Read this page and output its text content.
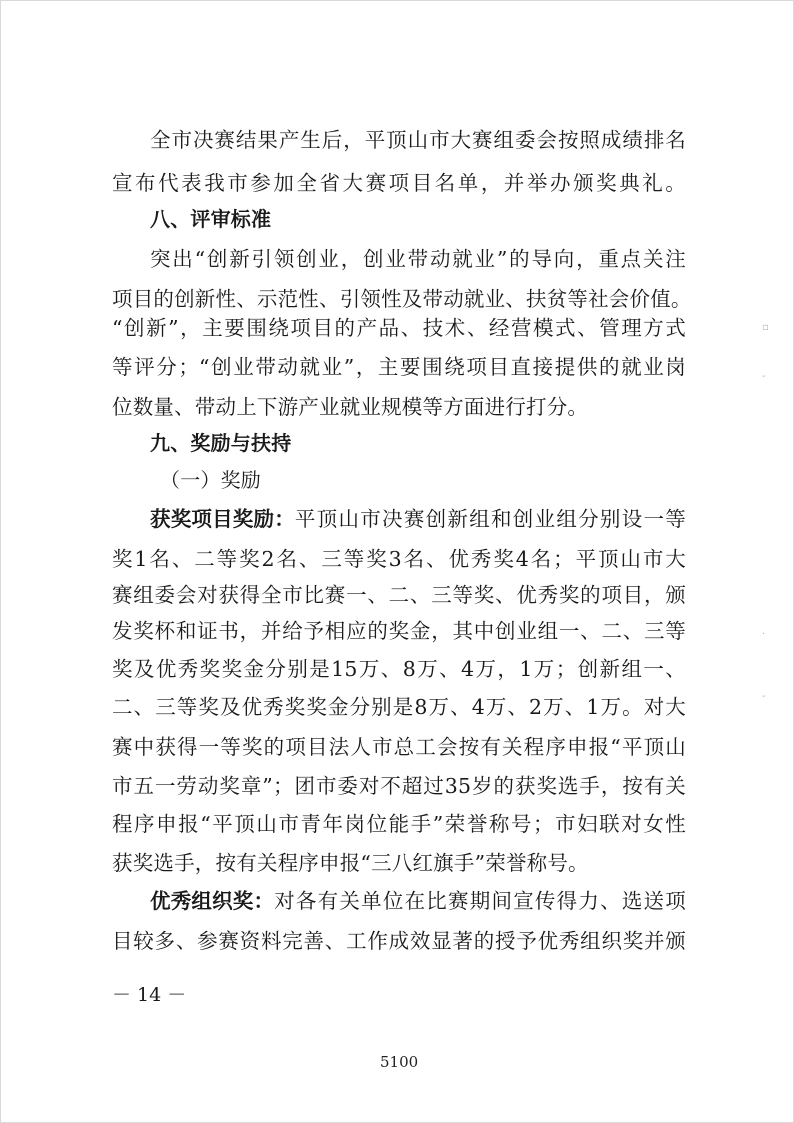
全市决赛结果产生后，平顶山市大赛组委会按照成绩排名
宣布代表我市参加全省大赛项目名单，并举办颁奖典礼。
八、评审标准
突出“创新引领创业，创业带动就业”的导向，重点关注
项目的创新性、示范性、引领性及带动就业、扶贫等社会价值。
“创新”，主要围绕项目的产品、技术、经营模式、管理方式
等评分；“创业带动就业”，主要围绕项目直接提供的就业岗
位数量、带动上下游产业就业规模等方面进行打分。
九、奖励与扶持
（一）奖励
获奖项目奖励： 平顶山市决赛创新组和创业组分别设一等
奖1名、二等奖2名、三等奖3名、优秀奖4名；平顶山市大
赛组委会对获得全市比赛一、二、三等奖、优秀奖的项目，颁
发奖杯和证书，并给予相应的奖金，其中创业组一、二、三等
奖及优秀奖奖金分别是15万、8万、4万，1万；创新组一、
二、三等奖及优秀奖奖金分别是8万、4万、2万、1万。对大
赛中获得一等奖的项目法人市总工会按有关程序申报“平顶山
市五一劳动奖章”；团市委对不超过35岁的获奖选手，按有关
程序申报“平顶山市青年岗位能手”荣誉称号；市妇联对女性
获奖选手，按有关程序申报“三八红旗手”荣誉称号。
优秀组织奖： 对各有关单位在比赛期间宣传得力、选送项
目较多、参赛资料完善、工作成效显著的授予优秀组织奖并颁
－ 14 －
5100
▫
-
·
-
